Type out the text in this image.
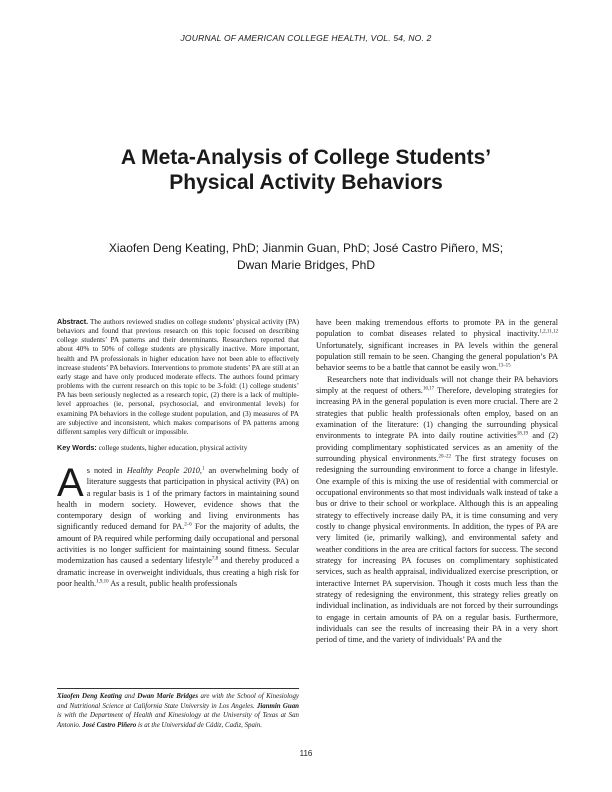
JOURNAL OF AMERICAN COLLEGE HEALTH, VOL. 54, NO. 2
A Meta-Analysis of College Students’
Physical Activity Behaviors
Xiaofen Deng Keating, PhD; Jianmin Guan, PhD; José Castro Piñero, MS;
Dwan Marie Bridges, PhD

Abstract. The authors reviewed studies on college students’ physical activity (PA) behaviors and found that previous research on this topic focused on describing college students’ PA patterns and their determinants. Researchers reported that about 40% to 50% of college students are physically inactive. More important, health and PA professionals in higher education have not been able to effectively increase students’ PA behaviors. Interventions to promote students’ PA are still at an early stage and have only produced moderate effects. The authors found primary problems with the current research on this topic to be 3-fold: (1) college students’ PA has been seriously neglected as a research topic, (2) there is a lack of multiple-level approaches (ie, personal, psychosocial, and environmental levels) for examining PA behaviors in the college student population, and (3) measures of PA are subjective and inconsistent, which makes comparisons of PA patterns among different samples very difficult or impossible.

Key Words: college students, higher education, physical activity

As noted in Healthy People 2010,$^1$ an overwhelming body of literature suggests that participation in physical activity (PA) on a regular basis is 1 of the primary factors in maintaining sound health in modern society. However, evidence shows that the contemporary design of working and living environments has significantly reduced demand for PA.$^{2-6}$ For the majority of adults, the amount of PA required while performing daily occupational and personal activities is no longer sufficient for maintaining sound fitness. Secular modernization has caused a sedentary lifestyle$^{7,8}$ and thereby produced a dramatic increase in overweight individuals, thus creating a high risk for poor health.$^{1,9,10}$ As a result, public health professionals

Xiaofen Deng Keating and Dwan Marie Bridges are with the School of Kinesiology and Nutritional Science at California State University in Los Angeles. Jianmin Guan is with the Department of Health and Kinesiology at the University of Texas at San Antonio. José Castro Piñero is at the Universidad de Cádiz, Cadiz, Spain.

have been making tremendous efforts to promote PA in the general population to combat diseases related to physical inactivity.$^{1,2,11,12}$ Unfortunately, significant increases in PA levels within the general population still remain to be seen. Changing the general population’s PA behavior seems to be a battle that cannot be easily won.$^{13-15}$

Researchers note that individuals will not change their PA behaviors simply at the request of others.$^{16,17}$ Therefore, developing strategies for increasing PA in the general population is even more crucial. There are 2 strategies that public health professionals often employ, based on an examination of the literature: (1) changing the surrounding physical environments to integrate PA into daily routine activities$^{18,19}$ and (2) providing complimentary sophisticated services as an amenity of the surrounding physical environments.$^{20-22}$ The first strategy focuses on redesigning the surrounding environment to force a change in lifestyle. One example of this is mixing the use of residential with commercial or occupational environments so that most individuals walk instead of take a bus or drive to their school or workplace. Although this is an appealing strategy to effectively increase daily PA, it is time consuming and very costly to change physical environments. In addition, the types of PA are very limited (ie, primarily walking), and environmental safety and weather conditions in the area are critical factors for success. The second strategy for increasing PA focuses on complimentary sophisticated services, such as health appraisal, individualized exercise prescription, or interactive Internet PA supervision. Though it costs much less than the strategy of redesigning the environment, this strategy relies greatly on individual inclination, as individuals are not forced by their surroundings to engage in certain amounts of PA on a regular basis. Furthermore, individuals can see the results of increasing their PA in a very short period of time, and the variety of individuals’ PA and the

116
